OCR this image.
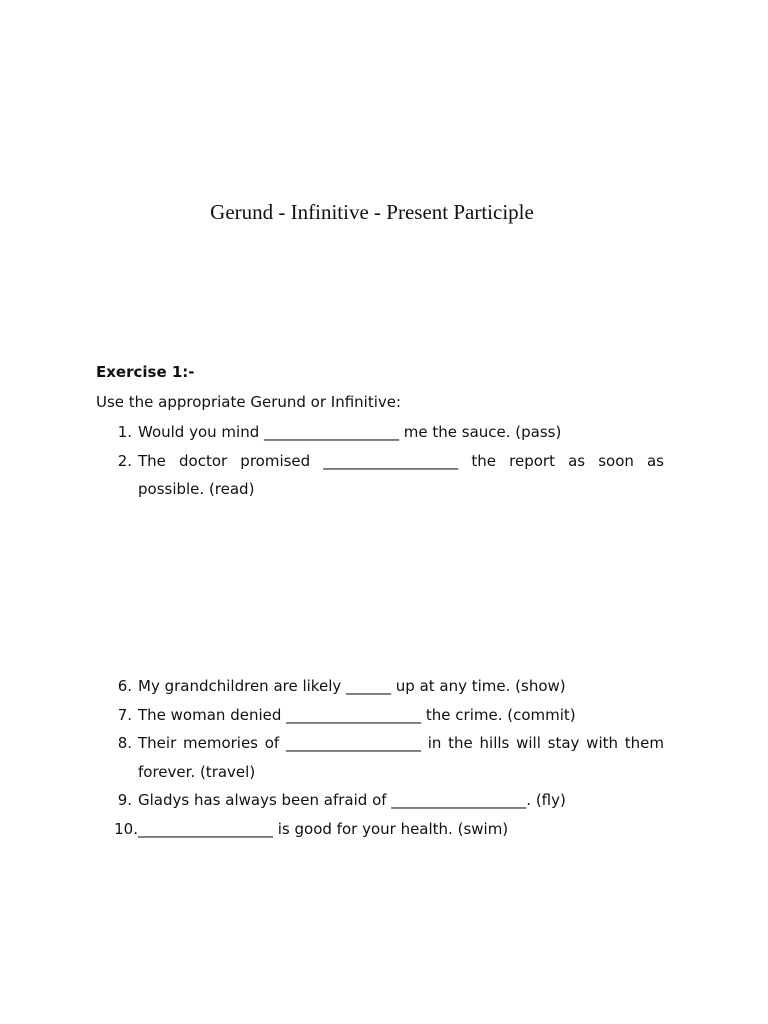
Gerund - Infinitive - Present Participle
Exercise 1:-

Use the appropriate Gerund or Infinitive:

1. Would you mind __________________ me the sauce. (pass)
2. The doctor promised __________________ the report as soon as possible. (read)
6. My grandchildren are likely ______ up at any time. (show)
7. The woman denied __________________ the crime. (commit)
8. Their memories of __________________ in the hills will stay with them forever. (travel)
9. Gladys has always been afraid of __________________. (fly)
10. __________________ is good for your health. (swim)
